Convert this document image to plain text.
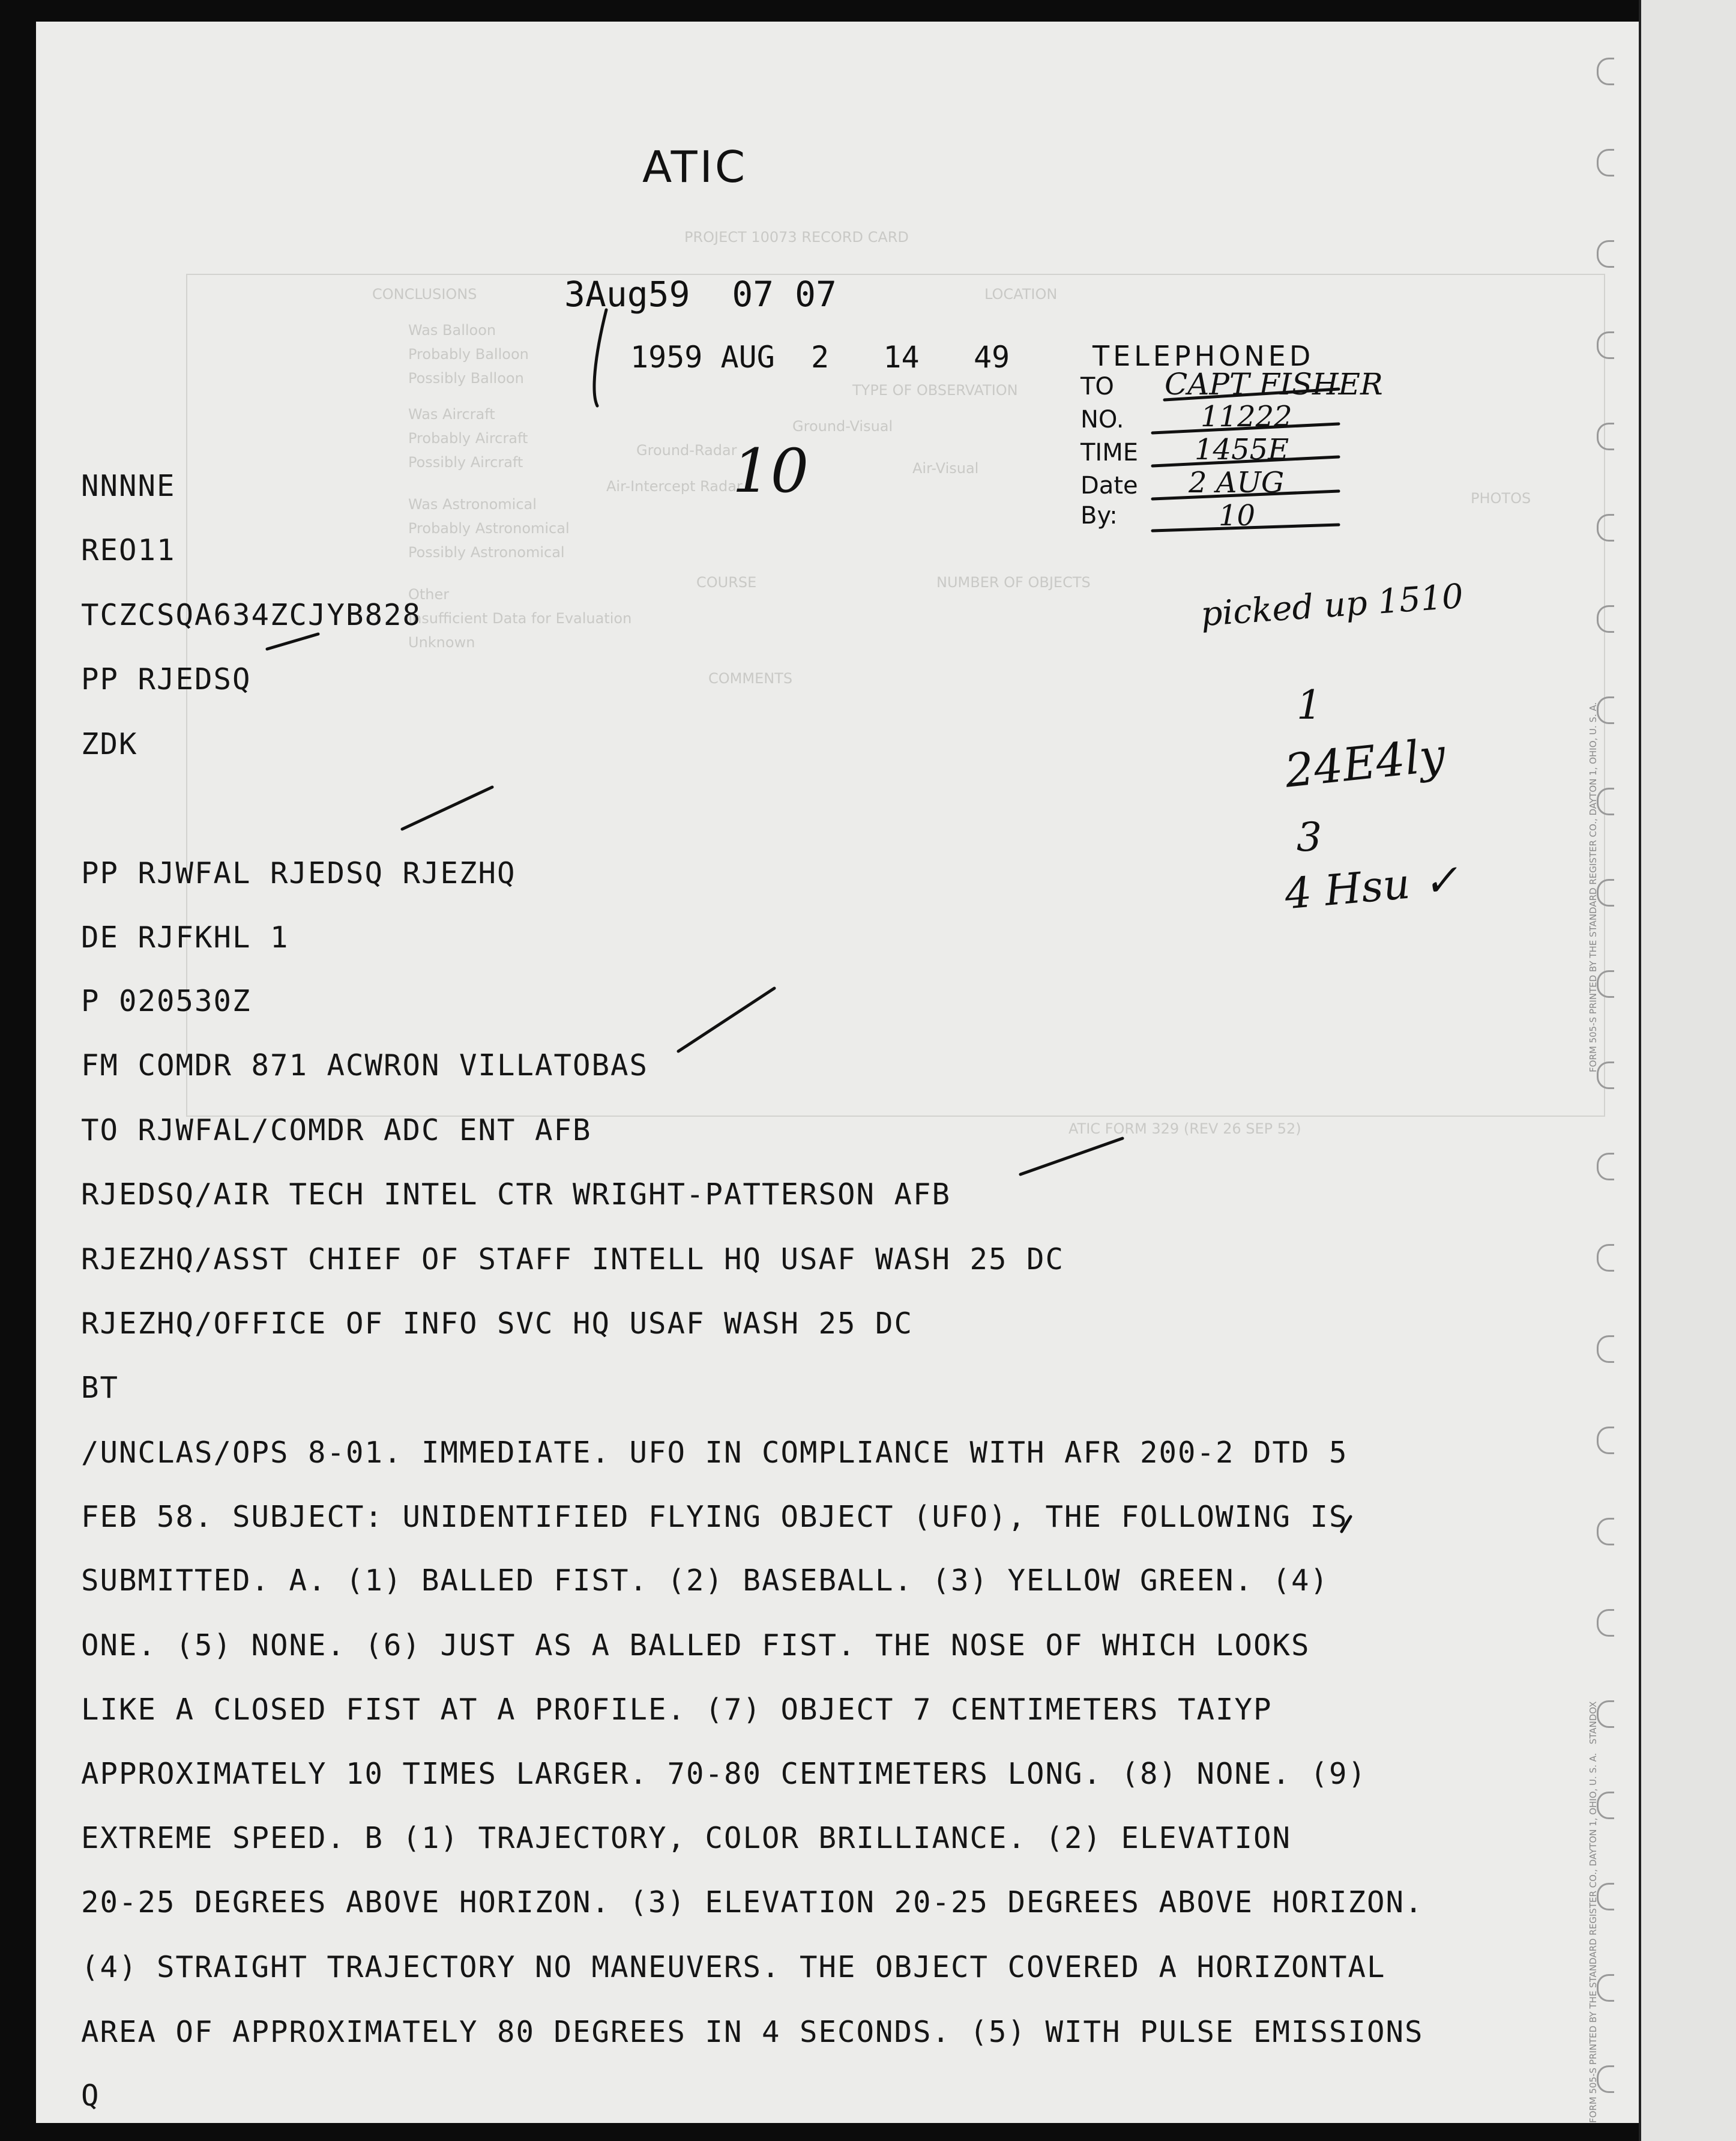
PROJECT 10073 RECORD CARD
LOCATION
CONCLUSIONS
TYPE OF OBSERVATION
Ground-Visual
Air-Visual
Ground-Radar
Air-Intercept Radar
NUMBER OF OBJECTS
COURSE
PHOTOS
COMMENTS
Was Balloon
Probably Balloon
Possibly Balloon
Was Aircraft
Probably Aircraft
Possibly Aircraft
Was Astronomical
Probably Astronomical
Possibly Astronomical
Other
Insufficient Data for Evaluation
Unknown
ATIC FORM 329 (REV 26 SEP 52)
FORM 505-S PRINTED BY THE STANDARD REGISTER CO., DAYTON 1, OHIO, U. S. A.
FORM 505-S PRINTED BY THE STANDARD REGISTER CO., DAYTON 1, OHIO, U. S. A.   STANDOX
ATIC
3Aug59  07 07
1959 AUG  2   14   49
10
TELEPHONED
TO
NO.
TIME
Date
By:
CAPT FISHER
11222
1455E
2 AUG
10
picked up 1510
1
24E4ly
3
4 Hsu ✓
NNNNE
REO11
TCZCSQA634ZCJYB828
PP RJEDSQ
ZDK
PP RJWFAL RJEDSQ RJEZHQ
DE RJFKHL 1
P 020530Z
FM COMDR 871 ACWRON VILLATOBAS
TO RJWFAL/COMDR ADC ENT AFB
RJEDSQ/AIR TECH INTEL CTR WRIGHT-PATTERSON AFB
RJEZHQ/ASST CHIEF OF STAFF INTELL HQ USAF WASH 25 DC
RJEZHQ/OFFICE OF INFO SVC HQ USAF WASH 25 DC
BT
/UNCLAS/OPS 8-01. IMMEDIATE. UFO IN COMPLIANCE WITH AFR 200-2 DTD 5
FEB 58. SUBJECT: UNIDENTIFIED FLYING OBJECT (UFO), THE FOLLOWING IS
SUBMITTED. A. (1) BALLED FIST. (2) BASEBALL. (3) YELLOW GREEN. (4)
ONE. (5) NONE. (6) JUST AS A BALLED FIST. THE NOSE OF WHICH LOOKS
LIKE A CLOSED FIST AT A PROFILE. (7) OBJECT 7 CENTIMETERS TAIYP
APPROXIMATELY 10 TIMES LARGER. 70-80 CENTIMETERS LONG. (8) NONE. (9)
EXTREME SPEED. B (1) TRAJECTORY, COLOR BRILLIANCE. (2) ELEVATION
20-25 DEGREES ABOVE HORIZON. (3) ELEVATION 20-25 DEGREES ABOVE HORIZON.
(4) STRAIGHT TRAJECTORY NO MANEUVERS. THE OBJECT COVERED A HORIZONTAL
AREA OF APPROXIMATELY 80 DEGREES IN 4 SECONDS. (5) WITH PULSE EMISSIONS
Q
